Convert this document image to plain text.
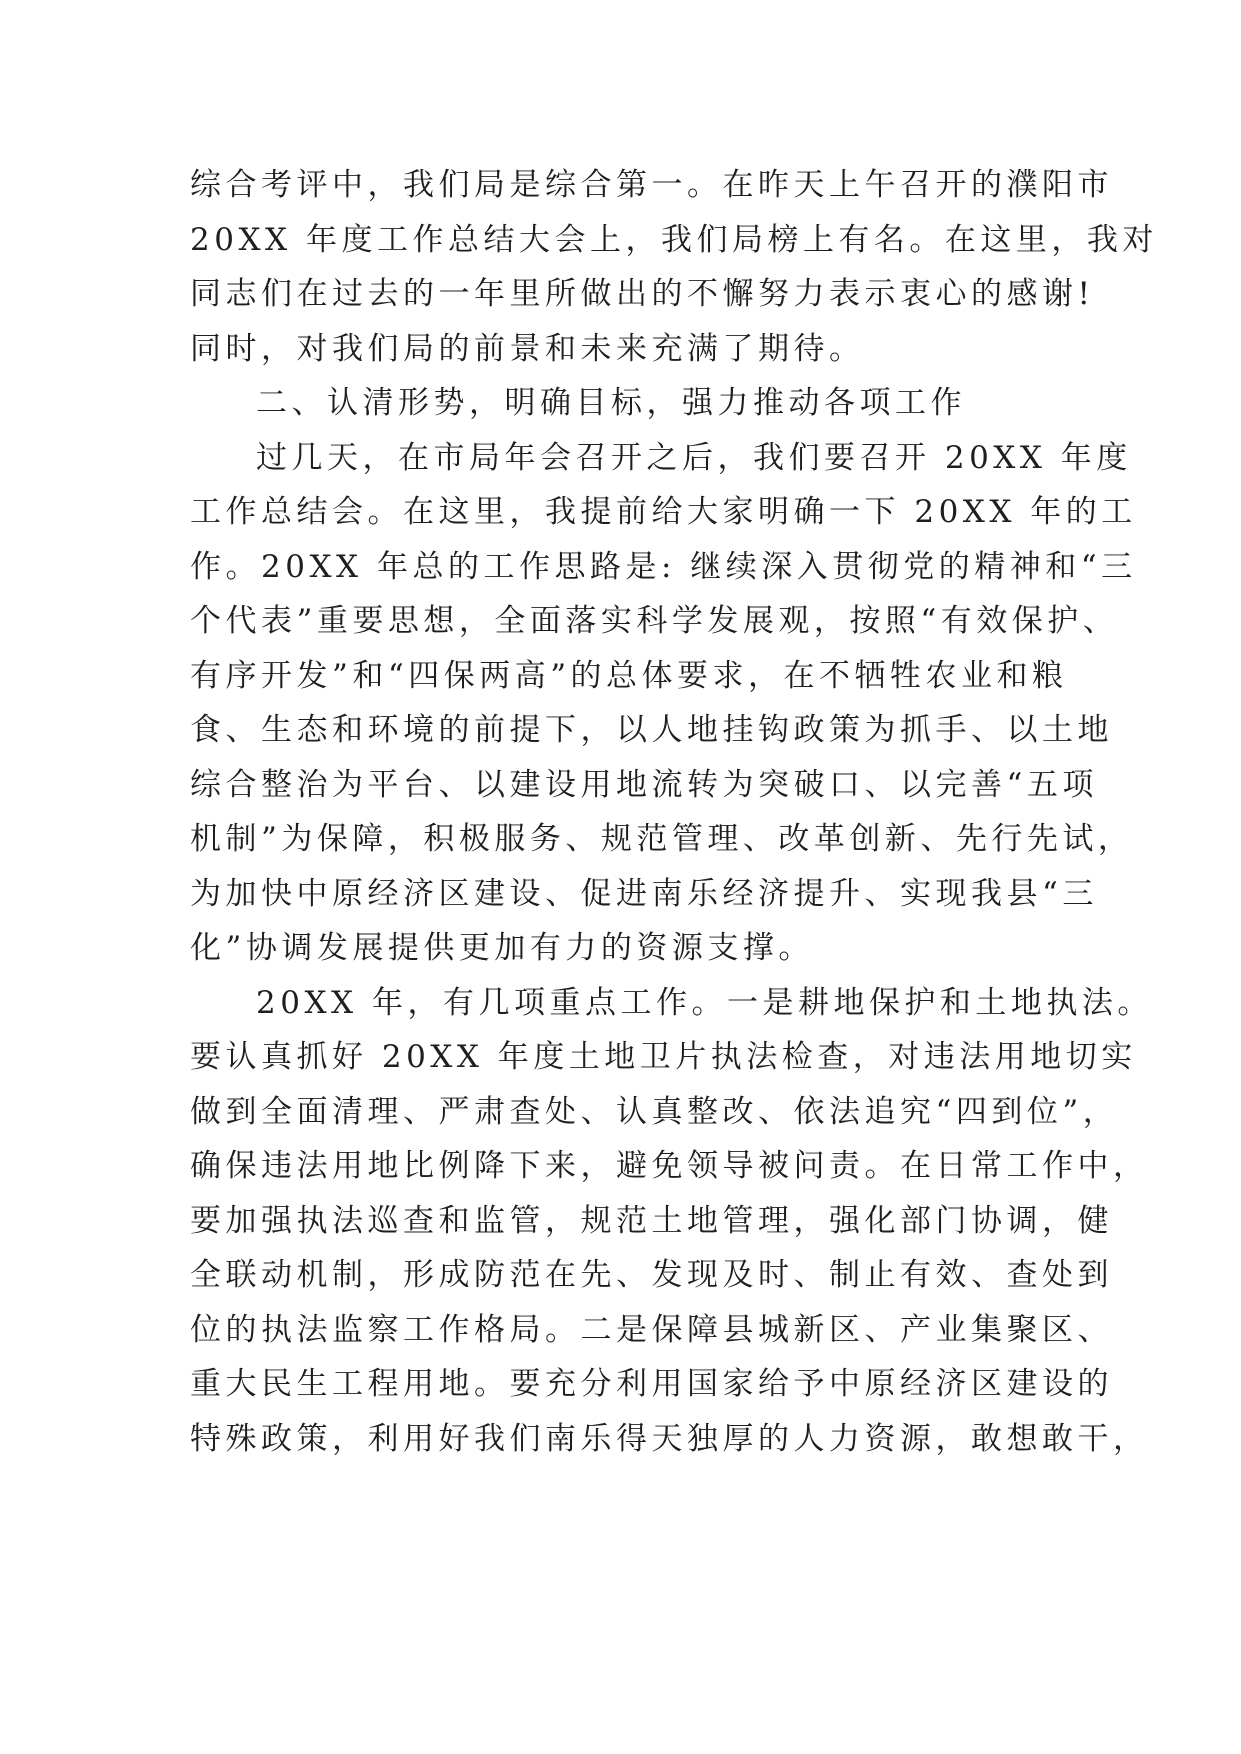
综合考评中，我们局是综合第一。在昨天上午召开的濮阳市
20XX 年度工作总结大会上，我们局榜上有名。在这里，我对
同志们在过去的一年里所做出的不懈努力表示衷心的感谢!
同时，对我们局的前景和未来充满了期待。
二、认清形势，明确目标，强力推动各项工作
过几天，在市局年会召开之后，我们要召开 20XX 年度
工作总结会。在这里，我提前给大家明确一下 20XX 年的工
作。20XX 年总的工作思路是: 继续深入贯彻党的精神和“三
个代表”重要思想，全面落实科学发展观，按照“有效保护、
有序开发”和“四保两高”的总体要求，在不牺牲农业和粮
食、生态和环境的前提下，以人地挂钩政策为抓手、以土地
综合整治为平台、以建设用地流转为突破口、以完善“五项
机制”为保障，积极服务、规范管理、改革创新、先行先试，
为加快中原经济区建设、促进南乐经济提升、实现我县“三
化”协调发展提供更加有力的资源支撑。
20XX 年，有几项重点工作。一是耕地保护和土地执法。
要认真抓好 20XX 年度土地卫片执法检查，对违法用地切实
做到全面清理、严肃查处、认真整改、依法追究“四到位”，
确保违法用地比例降下来，避免领导被问责。在日常工作中，
要加强执法巡查和监管，规范土地管理，强化部门协调，健
全联动机制，形成防范在先、发现及时、制止有效、查处到
位的执法监察工作格局。二是保障县城新区、产业集聚区、
重大民生工程用地。要充分利用国家给予中原经济区建设的
特殊政策，利用好我们南乐得天独厚的人力资源，敢想敢干，
